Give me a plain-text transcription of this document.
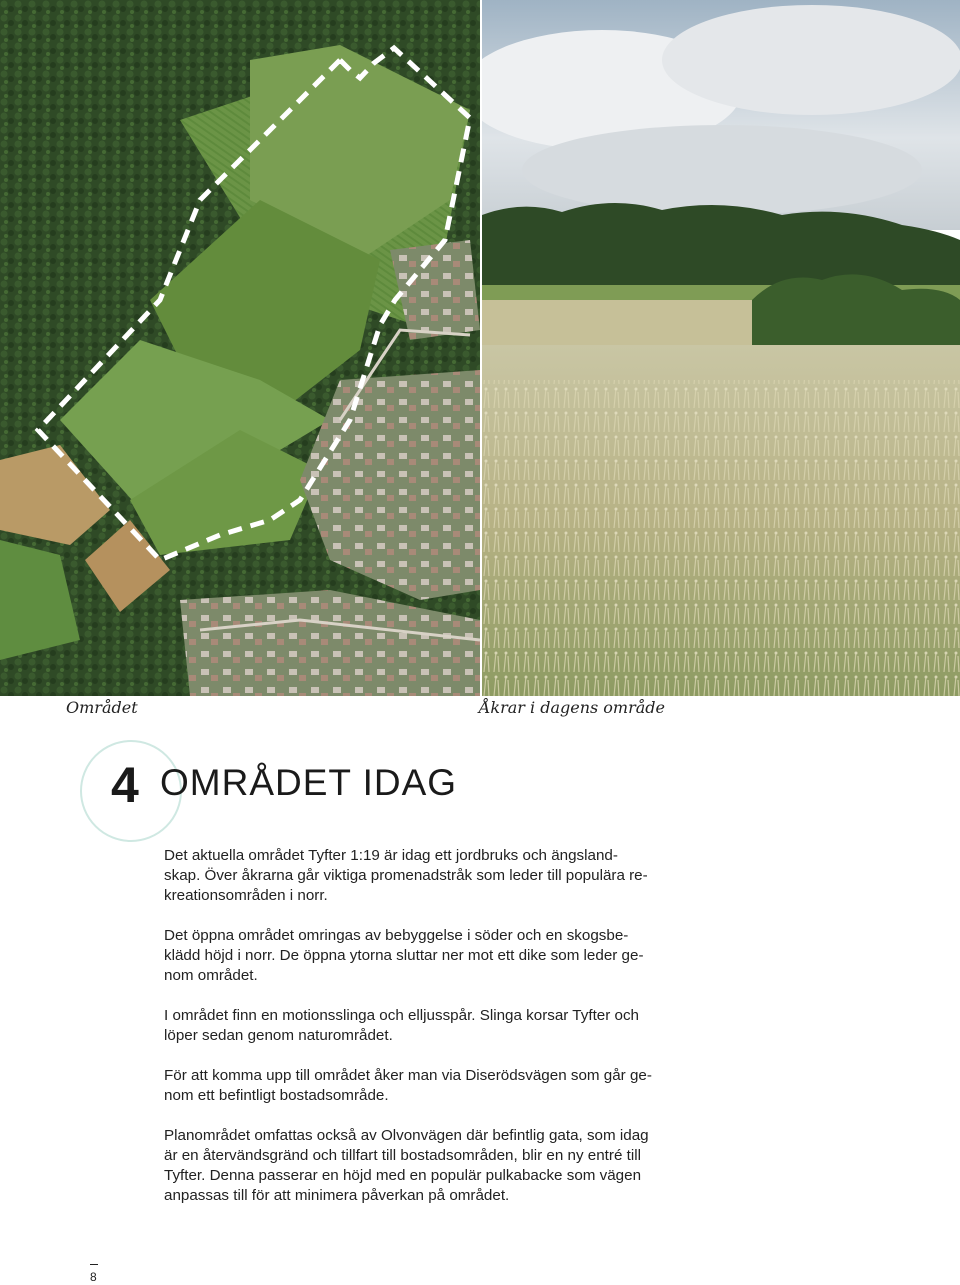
Området	Åkrar i dagens område
4 OMRÅDET IDAG

Det aktuella området Tyfter 1:19 är idag ett jordbruks och ängsland-
skap. Över åkrarna går viktiga promenadstråk som leder till populära re-
kreationsområden i norr.

Det öppna området omringas av bebyggelse i söder och en skogsbe-
klädd höjd i norr. De öppna ytorna sluttar ner mot ett dike som leder ge-
nom området.

I området finn en motionsslinga och elljusspår. Slinga korsar Tyfter och
löper sedan genom naturområdet.

För att komma upp till området åker man via Diserödsvägen som går ge-
nom ett befintligt bostadsområde.

Planområdet omfattas också av Olvonvägen där befintlig gata, som idag
är en återvändsgränd och tillfart till bostadsområden, blir en ny entré till
Tyfter. Denna passerar en höjd med en populär pulkabacke som vägen
anpassas till för att minimera påverkan på området.

8
